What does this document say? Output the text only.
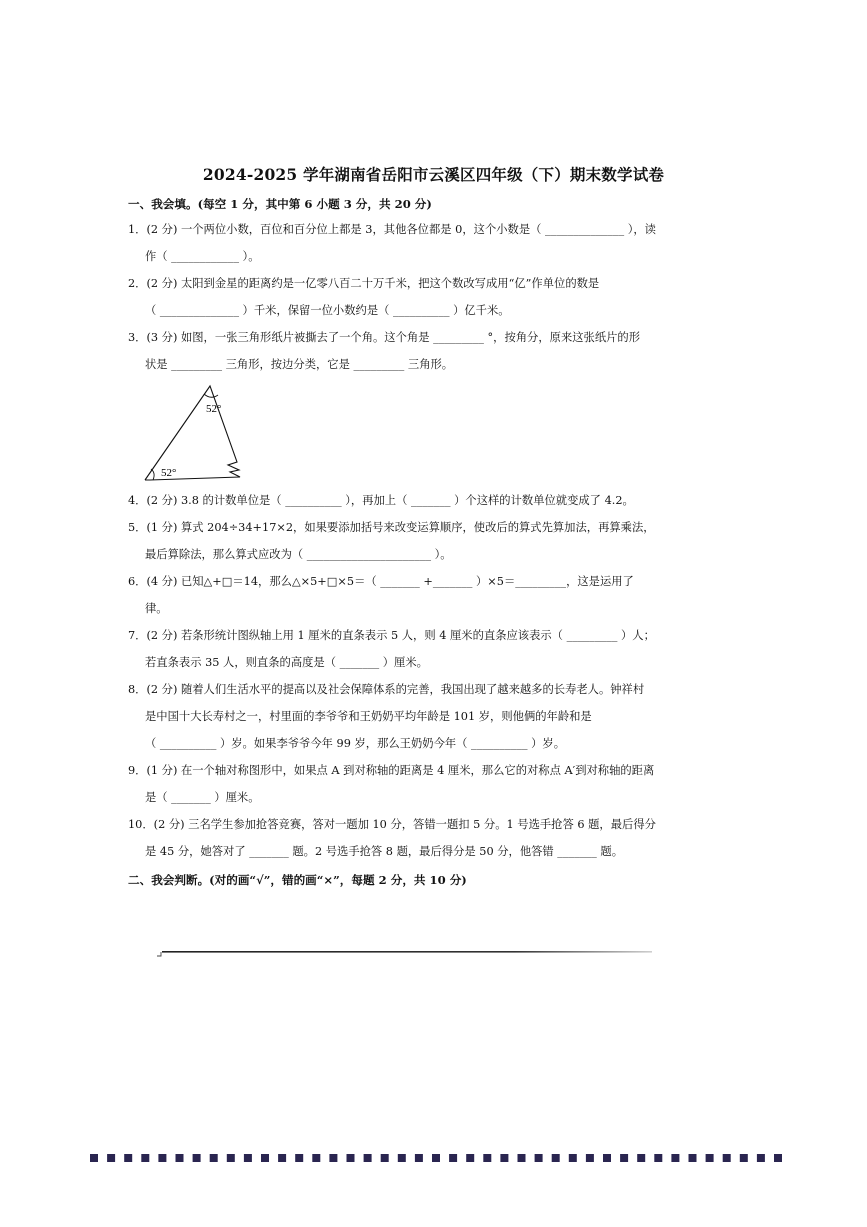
2024-2025 学年湖南省岳阳市云溪区四年级（下）期末数学试卷
一、我会填。(每空 1 分，其中第 6 小题 3 分，共 20 分)

1．(2 分) 一个两位小数，百位和百分位上都是 3，其他各位都是 0，这个小数是（ ______________ ），读

作（ ____________ ）。

2．(2 分) 太阳到金星的距离约是一亿零八百二十万千米，把这个数改写成用“亿”作单位的数是

（ ______________ ）千米，保留一位小数约是（ __________ ）亿千米。

3．(3 分) 如图，一张三角形纸片被撕去了一个角。这个角是 _________ °，按角分，原来这张纸片的形

状是 _________ 三角形，按边分类，它是 _________ 三角形。

52°
52°

4．(2 分) 3.8 的计数单位是（ __________ ），再加上（ _______ ）个这样的计数单位就变成了 4.2。

5．(1 分) 算式 204÷34+17×2，如果要添加括号来改变运算顺序，使改后的算式先算加法，再算乘法，

最后算除法，那么算式应改为（ ______________________ ）。

6．(4 分) 已知△+□＝14，那么△×5+□×5＝（ _______ +_______ ）×5＝_________，这是运用了

律。

7．(2 分) 若条形统计图纵轴上用 1 厘米的直条表示 5 人，则 4 厘米的直条应该表示（ _________ ）人；

若直条表示 35 人，则直条的高度是（ _______ ）厘米。

8．(2 分) 随着人们生活水平的提高以及社会保障体系的完善，我国出现了越来越多的长寿老人。钟祥村

是中国十大长寿村之一，村里面的李爷爷和王奶奶平均年龄是 101 岁，则他俩的年龄和是

（ __________ ）岁。如果李爷爷今年 99 岁，那么王奶奶今年（ __________ ）岁。

9．(1 分) 在一个轴对称图形中，如果点 A 到对称轴的距离是 4 厘米，那么它的对称点 A′到对称轴的距离

是（ _______ ）厘米。

10．(2 分) 三名学生参加抢答竞赛，答对一题加 10 分，答错一题扣 5 分。1 号选手抢答 6 题，最后得分

是 45 分，她答对了 _______ 题。2 号选手抢答 8 题，最后得分是 50 分，他答错 _______ 题。

二、我会判断。(对的画“√”，错的画“×”，每题 2 分，共 10 分)
